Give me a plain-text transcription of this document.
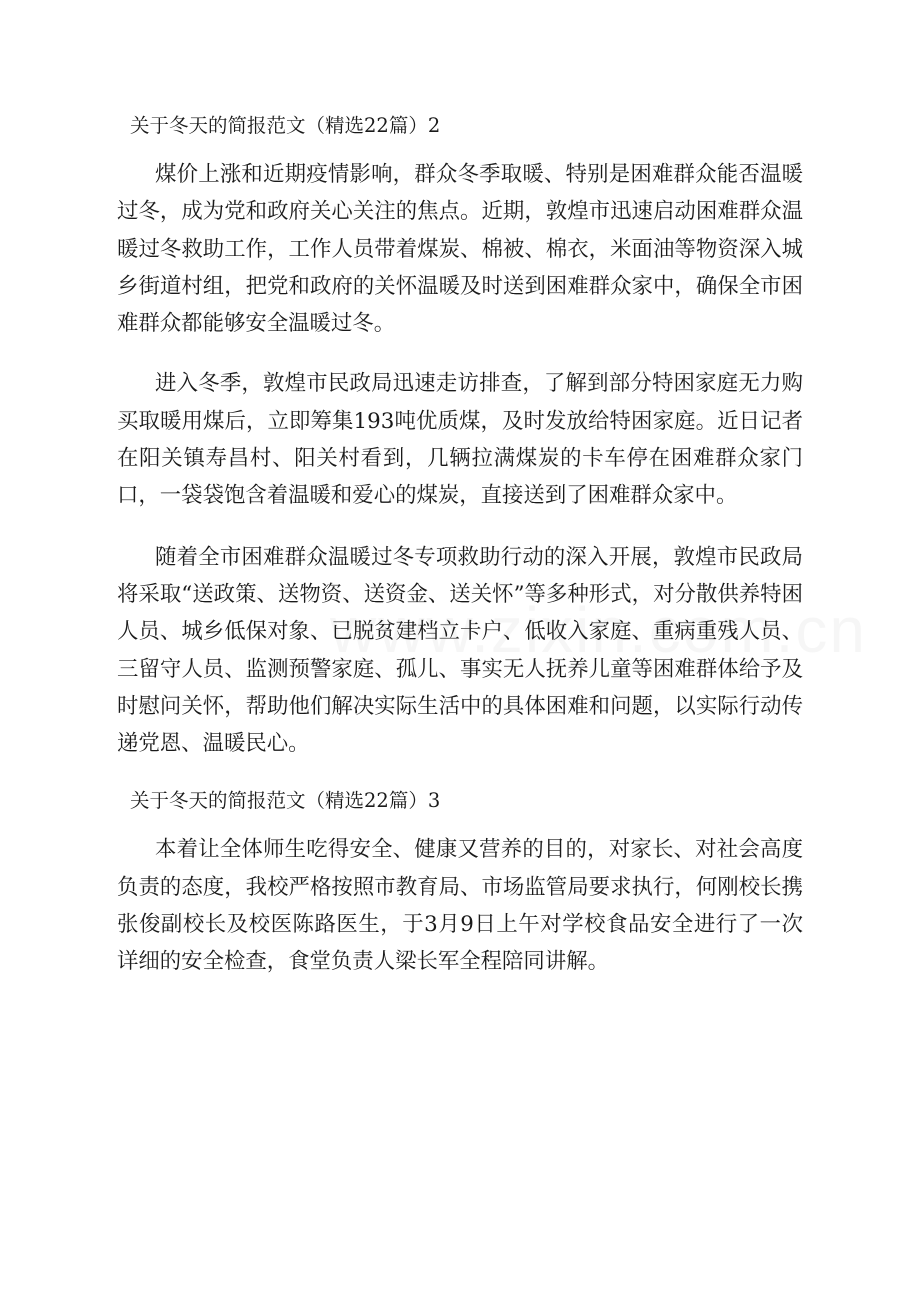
关于冬天的简报范文（精选22篇）2

煤价上涨和近期疫情影响，群众冬季取暖、特别是困难群众能否温暖过冬，成为党和政府关心关注的焦点。近期，敦煌市迅速启动困难群众温暖过冬救助工作，工作人员带着煤炭、棉被、棉衣，米面油等物资深入城乡街道村组，把党和政府的关怀温暖及时送到困难群众家中，确保全市困难群众都能够安全温暖过冬。

进入冬季，敦煌市民政局迅速走访排查，了解到部分特困家庭无力购买取暖用煤后，立即筹集193吨优质煤，及时发放给特困家庭。近日记者在阳关镇寿昌村、阳关村看到，几辆拉满煤炭的卡车停在困难群众家门口，一袋袋饱含着温暖和爱心的煤炭，直接送到了困难群众家中。

随着全市困难群众温暖过冬专项救助行动的深入开展，敦煌市民政局将采取“送政策、送物资、送资金、送关怀”等多种形式，对分散供养特困人员、城乡低保对象、已脱贫建档立卡户、低收入家庭、重病重残人员、三留守人员、监测预警家庭、孤儿、事实无人抚养儿童等困难群体给予及时慰问关怀，帮助他们解决实际生活中的具体困难和问题，以实际行动传递党恩、温暖民心。

关于冬天的简报范文（精选22篇）3

本着让全体师生吃得安全、健康又营养的目的，对家长、对社会高度负责的态度，我校严格按照市教育局、市场监管局要求执行，何刚校长携张俊副校长及校医陈路医生，于3月9日上午对学校食品安全进行了一次详细的安全检查，食堂负责人梁长军全程陪同讲解。
